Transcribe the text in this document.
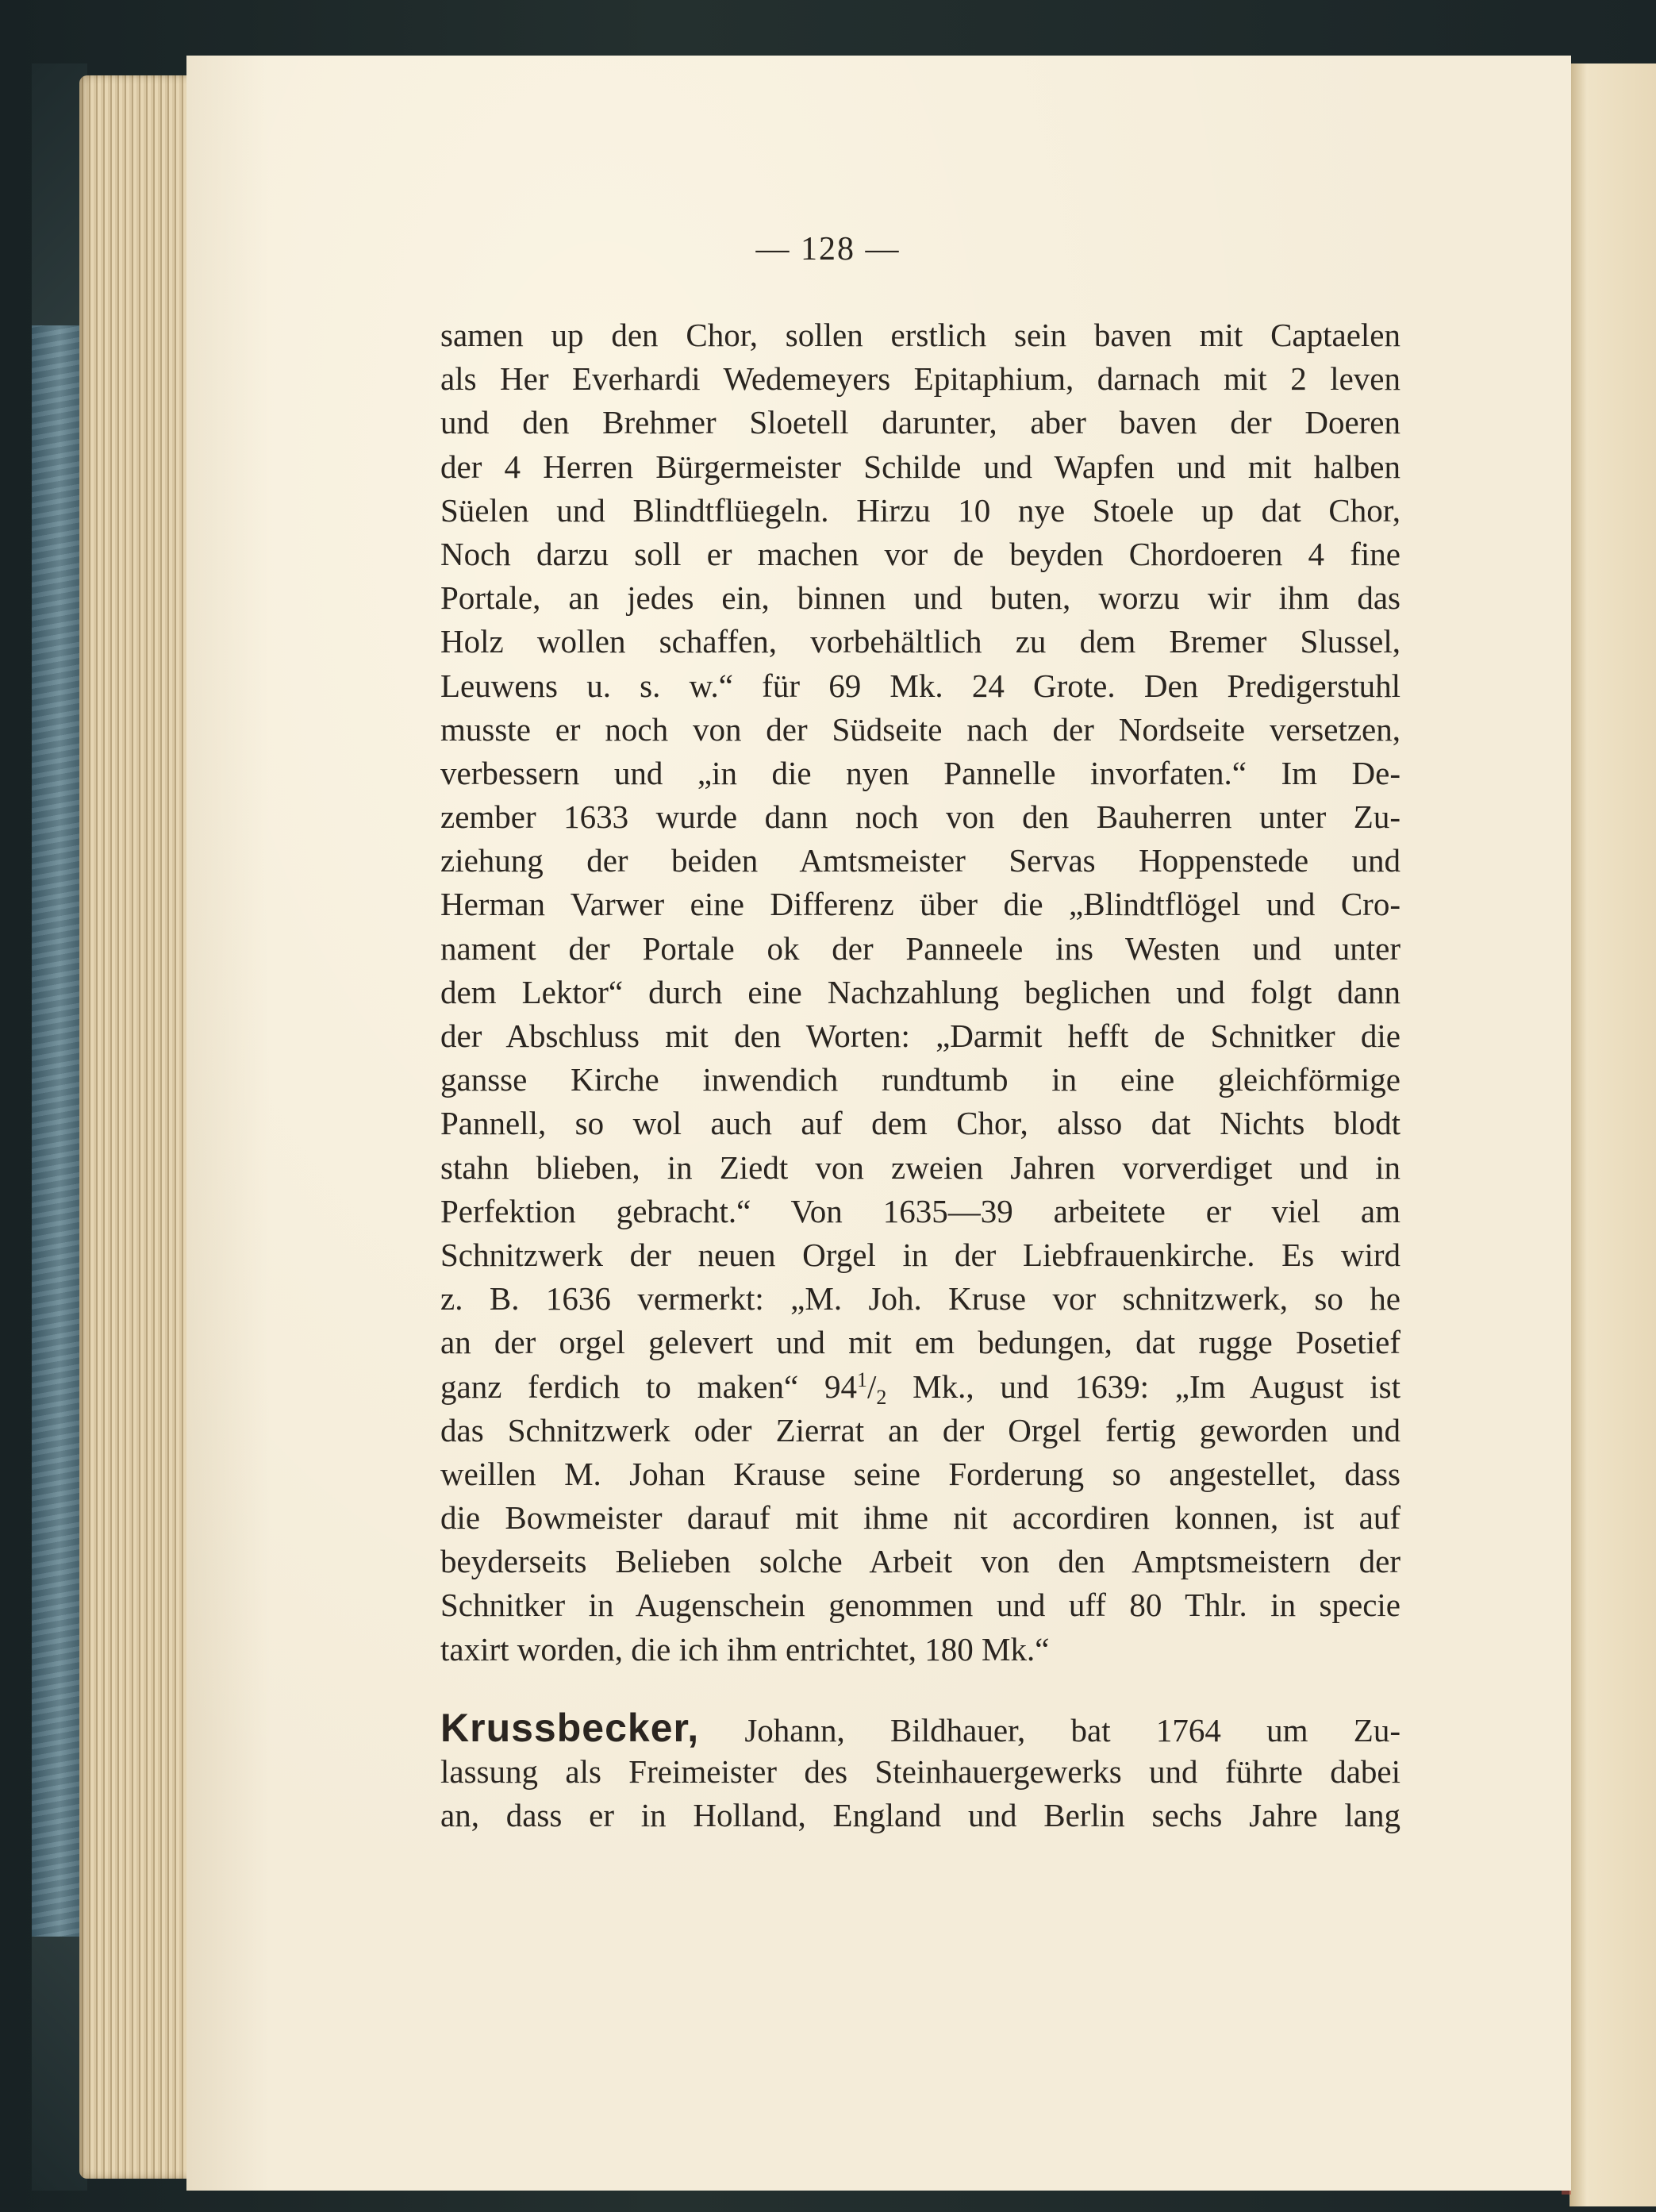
— 128 —
samen up den Chor, sollen erstlich sein baven mit Captaelen
als Her Everhardi Wedemeyers Epitaphium, darnach mit 2 leven
und den Brehmer Sloetell darunter, aber baven der Doeren
der 4 Herren Bürgermeister Schilde und Wapfen und mit halben
Süelen und Blindtflüegeln. Hirzu 10 nye Stoele up dat Chor,
Noch darzu soll er machen vor de beyden Chordoeren 4 fine
Portale, an jedes ein, binnen und buten, worzu wir ihm das
Holz wollen schaffen, vorbehältlich zu dem Bremer Slussel,
Leuwens u. s. w.“ für 69 Mk. 24 Grote. Den Predigerstuhl
musste er noch von der Südseite nach der Nordseite versetzen,
verbessern und „in die nyen Pannelle invorfaten.“ Im De-
zember 1633 wurde dann noch von den Bauherren unter Zu-
ziehung der beiden Amtsmeister Servas Hoppenstede und
Herman Varwer eine Differenz über die „Blindtflögel und Cro-
nament der Portale ok der Panneele ins Westen und unter
dem Lektor“ durch eine Nachzahlung beglichen und folgt dann
der Abschluss mit den Worten: „Darmit hefft de Schnitker die
gansse Kirche inwendich rundtumb in eine gleichförmige
Pannell, so wol auch auf dem Chor, alsso dat Nichts blodt
stahn blieben, in Ziedt von zweien Jahren vorverdiget und in
Perfektion gebracht.“ Von 1635—39 arbeitete er viel am
Schnitzwerk der neuen Orgel in der Liebfrauenkirche. Es wird
z. B. 1636 vermerkt: „M. Joh. Kruse vor schnitzwerk, so he
an der orgel gelevert und mit em bedungen, dat rugge Posetief
ganz ferdich to maken“ $94^1/2$ Mk., und 1639: „Im August ist
das Schnitzwerk oder Zierrat an der Orgel fertig geworden und
weillen M. Johan Krause seine Forderung so angestellet, dass
die Bowmeister darauf mit ihme nit accordiren konnen, ist auf
beyderseits Belieben solche Arbeit von den Amptsmeistern der
Schnitker in Augenschein genommen und uff 80 Thlr. in specie
taxirt worden, die ich ihm entrichtet, 180 Mk.“
Krussbecker, Johann, Bildhauer, bat 1764 um Zu-
lassung als Freimeister des Steinhauergewerks und führte dabei
an, dass er in Holland, England und Berlin sechs Jahre lang
